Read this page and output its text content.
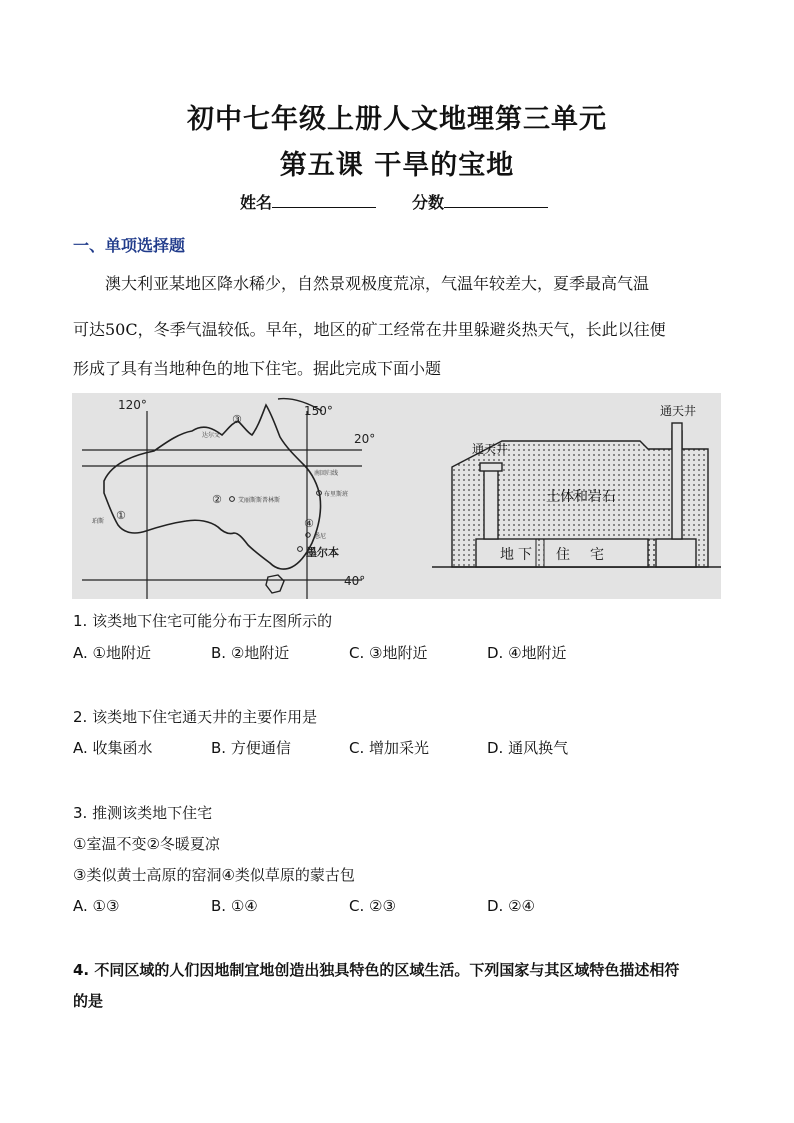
初中七年级上册人文地理第三单元
第五课 干旱的宝地
姓名	分数
一、单项选择题
澳大利亚某地区降水稀少，自然景观极度荒凉，气温年较差大，夏季最高气温
可达50C，冬季气温较低。早年，地区的矿工经常在井里躲避炎热天气，长此以往便
形成了具有当地种色的地下住宅。据此完成下面小题
120°	150°
20°
40°
③
达尔文
②	艾丽斯斯普林斯
①
珀斯
南回归线
布里斯班
④
悉尼
墨尔本
通天井
通天井
土体和岩石
地 下 住 宅
1. 该类地下住宅可能分布于左图所示的
A. ①地附近	B. ②地附近	C. ③地附近	D. ④地附近
2. 该类地下住宅通天井的主要作用是
A. 收集函水	B. 方便通信	C. 增加采光	D. 通风换气
3. 推测该类地下住宅
①室温不变②冬暖夏凉
③类似黄士高原的窑洞④类似草原的蒙古包
A. ①③	B. ①④	C. ②③	D. ②④
4. 不同区域的人们因地制宜地创造出独具特色的区域生活。下列国家与其区域特色描述相符
的是
